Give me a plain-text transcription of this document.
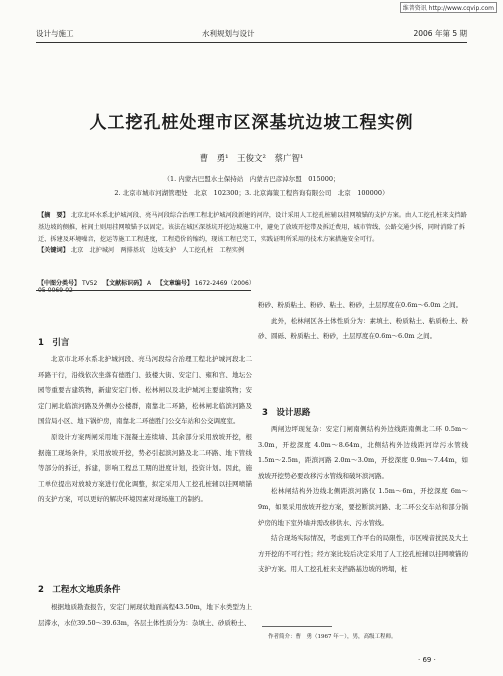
维普资讯 http://www.cqvip.com
设计与施工	水利规划与设计	2006 年第 5 期
人工挖孔桩处理市区深基坑边坡工程实例
曹　勇¹　王俊文²　蔡广智¹
（1. 内蒙古巴盟水土保持站　内蒙古巴彦淖尔盟　015000；
2. 北京市城市河湖管理处　北京　102300；3. 北京海策工程咨询有限公司　北京　100000）
【摘　要】 北京北环水系北护城河段、亮马河段综合治理工程北护城河段新建的河岸，设计采用人工挖孔桩辅以挂网喷锚的支护方案。由人工挖孔桩来支挡路基边坡的侧推，桩间土则用挂网喷锚予以固定。该法在城区深基坑开挖边坡施工中，避免了放坡开挖带及拆迁费用，城市管线、公路交通少拆，同时消除了拆迁、拆建及环境噪音，挖运等施工工程进度，工程造价的缩约，现该工程已完工，实践证明所采用的技术方案措施安全可行。
【关键词】 北京　北护城河　两排基坑　边坡支护　人工挖孔桩　工程实例
【中图分类号】 TV52 【文献标识码】 A 【文章编号】 1672-2469（2006）
1　引言

北京市北环水系北护城河段、亮马河段综合治理工程北护城河段北二环路干行，沿线依次坐落有德胜门、鼓楼大街、安定门、雍和宫、地坛公园等重要古建筑物，新建安定门桥、松林闸以及北护城河主要建筑物；安定门闸北临滨河路及外侧办公楼群，南靠北二环路，松林闸北临滨河路及国营局小区、地下锅炉房，南靠北二环德胜门公交车站和公交调度室。

原设计方案两闸采用地下混凝土连续墙、其余部分采用放坡开挖，根据施工现场条件，采用放坡开挖，势必引起滨河路及北二环路、地下管线等部分的拆迁，拆建，影响工程总工期的进度计划，投资计划。因此，施工单位提出对放坡方案进行优化调整，拟定采用人工挖孔桩辅以挂网喷锚的支护方案，可以更好的解决环境因素对现场施工的制约。

2　工程水文地质条件

根据地质勘查报告，安定门闸现状地面高程43.50m，地下水类型为上层滞水，水位39.50～39.63m，各层土体性质分为：杂填土、砂质粉土、

粉砂、粉质粘土、粉砂、粘土、粉砂，土层厚度在0.6m～6.0m 之间。

此外，松林闸区各土体性质分为：素填土、粉质粘土、粘质粉土、粉砂、圆砾、粉质粘土、粉砂，土层厚度在0.6m～6.0m 之间。

3　设计思路

两闸边坪现复杂：安定门闸南侧结构外边线距南侧北二环 0.5m～3.0m，开挖深度 4.0m～8.64m，北侧结构外边线距河岸污水管线 1.5m～2.5m，距滨河路 2.0m～3.0m，开挖深度 0.9m～7.44m，如放坡开挖势必要改移污水管线和破坏滨河路。

松林闸结构外边线北侧距滨河路仅 1.5m～6m，开挖深度 6m～9m，如果采用放坡开挖方案，要挖断滨河路、北二环公交车站和部分锅炉房的地下室外墙并需改移供水、污水管线。

结合现场实际情况，考虑到工作平台的局限性，市区噪音扰民及大土方开挖的不可行性；经方案比较后决定采用了人工挖孔桩辅以挂网喷锚的支护方案。用人工挖孔桩来支挡路基边坡的坍塌，桩

作者简介：曹　勇（1967 年－），男，高级工程师。
· 69 ·
